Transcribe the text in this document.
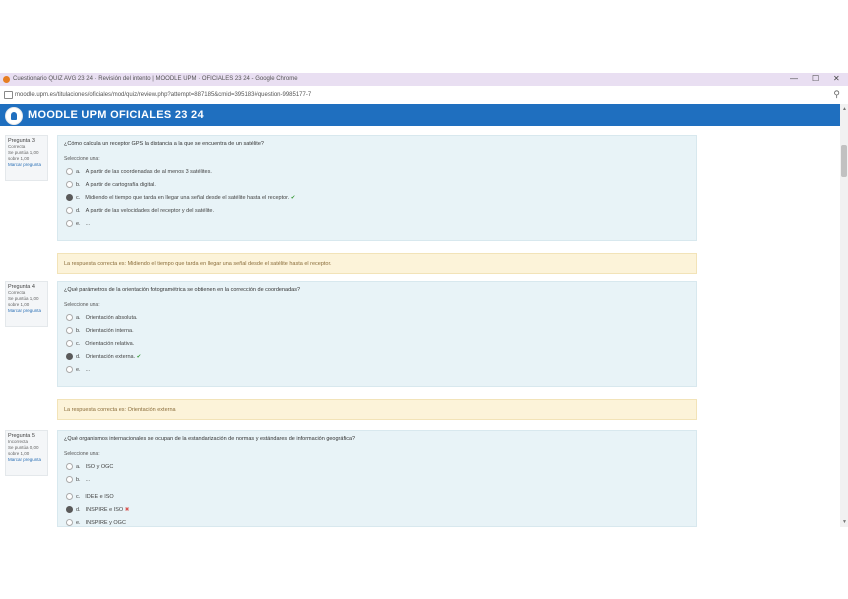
Cuestionario QUIZ AVG 23 24 · Revisión del intento | MOODLE UPM · OFICIALES 23 24 - Google Chrome	— ☐ ✕
moodle.upm.es/titulaciones/oficiales/mod/quiz/review.php?attempt=887185&cmid=395183#question-9985177-7	⚲
MOODLE UPM OFICIALES 23 24	▲
▼
Pregunta 3
Correcta
Se puntúa 1,00 sobre 1,00
Marcar pregunta
¿Cómo calcula un receptor GPS la distancia a la que se encuentra de un satélite?
Seleccione una:
a. A partir de las coordenadas de al menos 3 satélites.
b. A partir de cartografía digital.
c. Midiendo el tiempo que tarda en llegar una señal desde el satélite hasta el receptor. ✔
d. A partir de las velocidades del receptor y del satélite.
e. ...
La respuesta correcta es: Midiendo el tiempo que tarda en llegar una señal desde el satélite hasta el receptor.
Pregunta 4
Correcta
Se puntúa 1,00 sobre 1,00
Marcar pregunta
¿Qué parámetros de la orientación fotogramétrica se obtienen en la corrección de coordenadas?
Seleccione una:
a. Orientación absoluta.
b. Orientación interna.
c. Orientación relativa.
d. Orientación externa. ✔
e. ...
La respuesta correcta es: Orientación externa
Pregunta 5
Incorrecta
Se puntúa 0,00 sobre 1,00
Marcar pregunta
¿Qué organismos internacionales se ocupan de la estandarización de normas y estándares de información geográfica?
Seleccione una:
a. ISO y OGC
b. ...
c. IDEE e ISO
d. INSPIRE e ISO ✖
e. INSPIRE y OGC
